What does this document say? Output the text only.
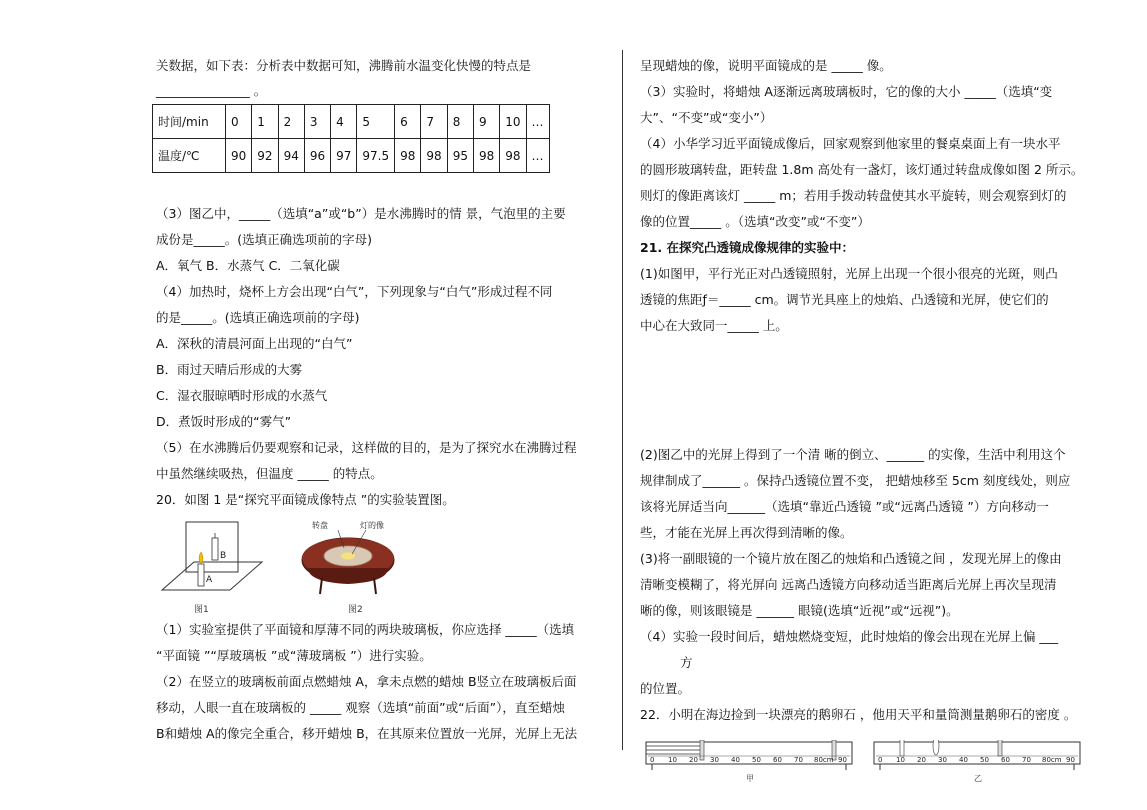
关数据，如下表：分析表中数据可知，沸腾前水温变化快慢的特点是
_______________ 。
（3）图乙中，_____（选填“a”或“b”）是水沸腾时的情 景，气泡里的主要
成份是_____。(选填正确选项前的字母)
A．氧气 B．水蒸气 C．二氧化碳
（4）加热时，烧杯上方会出现“白气”，下列现象与“白气”形成过程不同
的是_____。(选填正确选项前的字母)
A．深秋的清晨河面上出现的“白气”
B．雨过天晴后形成的大雾
C．湿衣服晾晒时形成的水蒸气
D．煮饭时形成的“雾气”
（5）在水沸腾后仍要观察和记录，这样做的目的，是为了探究水在沸腾过程
中虽然继续吸热，但温度 _____ 的特点。
20．如图 1 是“探究平面镜成像特点 ”的实验装置图。
（1）实验室提供了平面镜和厚薄不同的两块玻璃板，你应选择 _____（选填
“平面镜 ”“厚玻璃板 ”或“薄玻璃板 ”）进行实验。
（2）在竖立的玻璃板前面点燃蜡烛 A，拿未点燃的蜡烛 B竖立在玻璃板后面
移动，人眼一直在玻璃板的 _____ 观察（选填“前面”或“后面”），直至蜡烛
B和蜡烛 A的像完全重合，移开蜡烛 B，在其原来位置放一光屏，光屏上无法
时间/min	0	1	2	3	4	5	6	7	8	9	10	…
温度/℃	90	92	94	96	97	97.5	98	98	95	98	98	…
B
A
图1
转盘	灯的像
图2
呈现蜡烛的像，说明平面镜成的是 _____ 像。
（3）实验时，将蜡烛 A逐渐远离玻璃板时，它的像的大小 _____（选填“变
大”、“不变”或“变小”）
（4）小华学习近平面镜成像后，回家观察到他家里的餐桌桌面上有一块水平
的圆形玻璃转盘，距转盘 1.8m 高处有一盏灯，该灯通过转盘成像如图 2 所示。
则灯的像距离该灯 _____ m；若用手拨动转盘使其水平旋转，则会观察到灯的
像的位置_____ 。（选填“改变”或“不变”）
21. 在探究凸透镜成像规律的实验中：
(1)如图甲，平行光正对凸透镜照射，光屏上出现一个很小很亮的光斑，则凸
透镜的焦距ƒ＝_____ cm。调节光具座上的烛焰、凸透镜和光屏，使它们的
中心在大致同一_____ 上。
(2)图乙中的光屏上得到了一个清 晰的倒立、______ 的实像，生活中利用这个
规律制成了______ 。保持凸透镜位置不变， 把蜡烛移至 5cm 刻度线处，则应
该将光屏适当向______（选填“靠近凸透镜 ”或“远离凸透镜 ”）方向移动一
些，才能在光屏上再次得到清晰的像。
(3)将一副眼镜的一个镜片放在图乙的烛焰和凸透镜之间 ，发现光屏上的像由
清晰变模糊了，将光屏向 远离凸透镜方向移动适当距离后光屏上再次呈现清
晰的像，则该眼镜是 ______ 眼镜(选填“近视”或“远视”)。
（4）实验一段时间后，蜡烛燃烧变短，此时烛焰的像会出现在光屏上偏 ___
方
的位置。
22．小明在海边捡到一块漂亮的鹅卵石 ，他用天平和量筒测量鹅卵石的密度 。
0 10 20 30 40 50 60 70 80cm 90
甲
0 10 20 30 40 50 60 70 80cm 90
乙
